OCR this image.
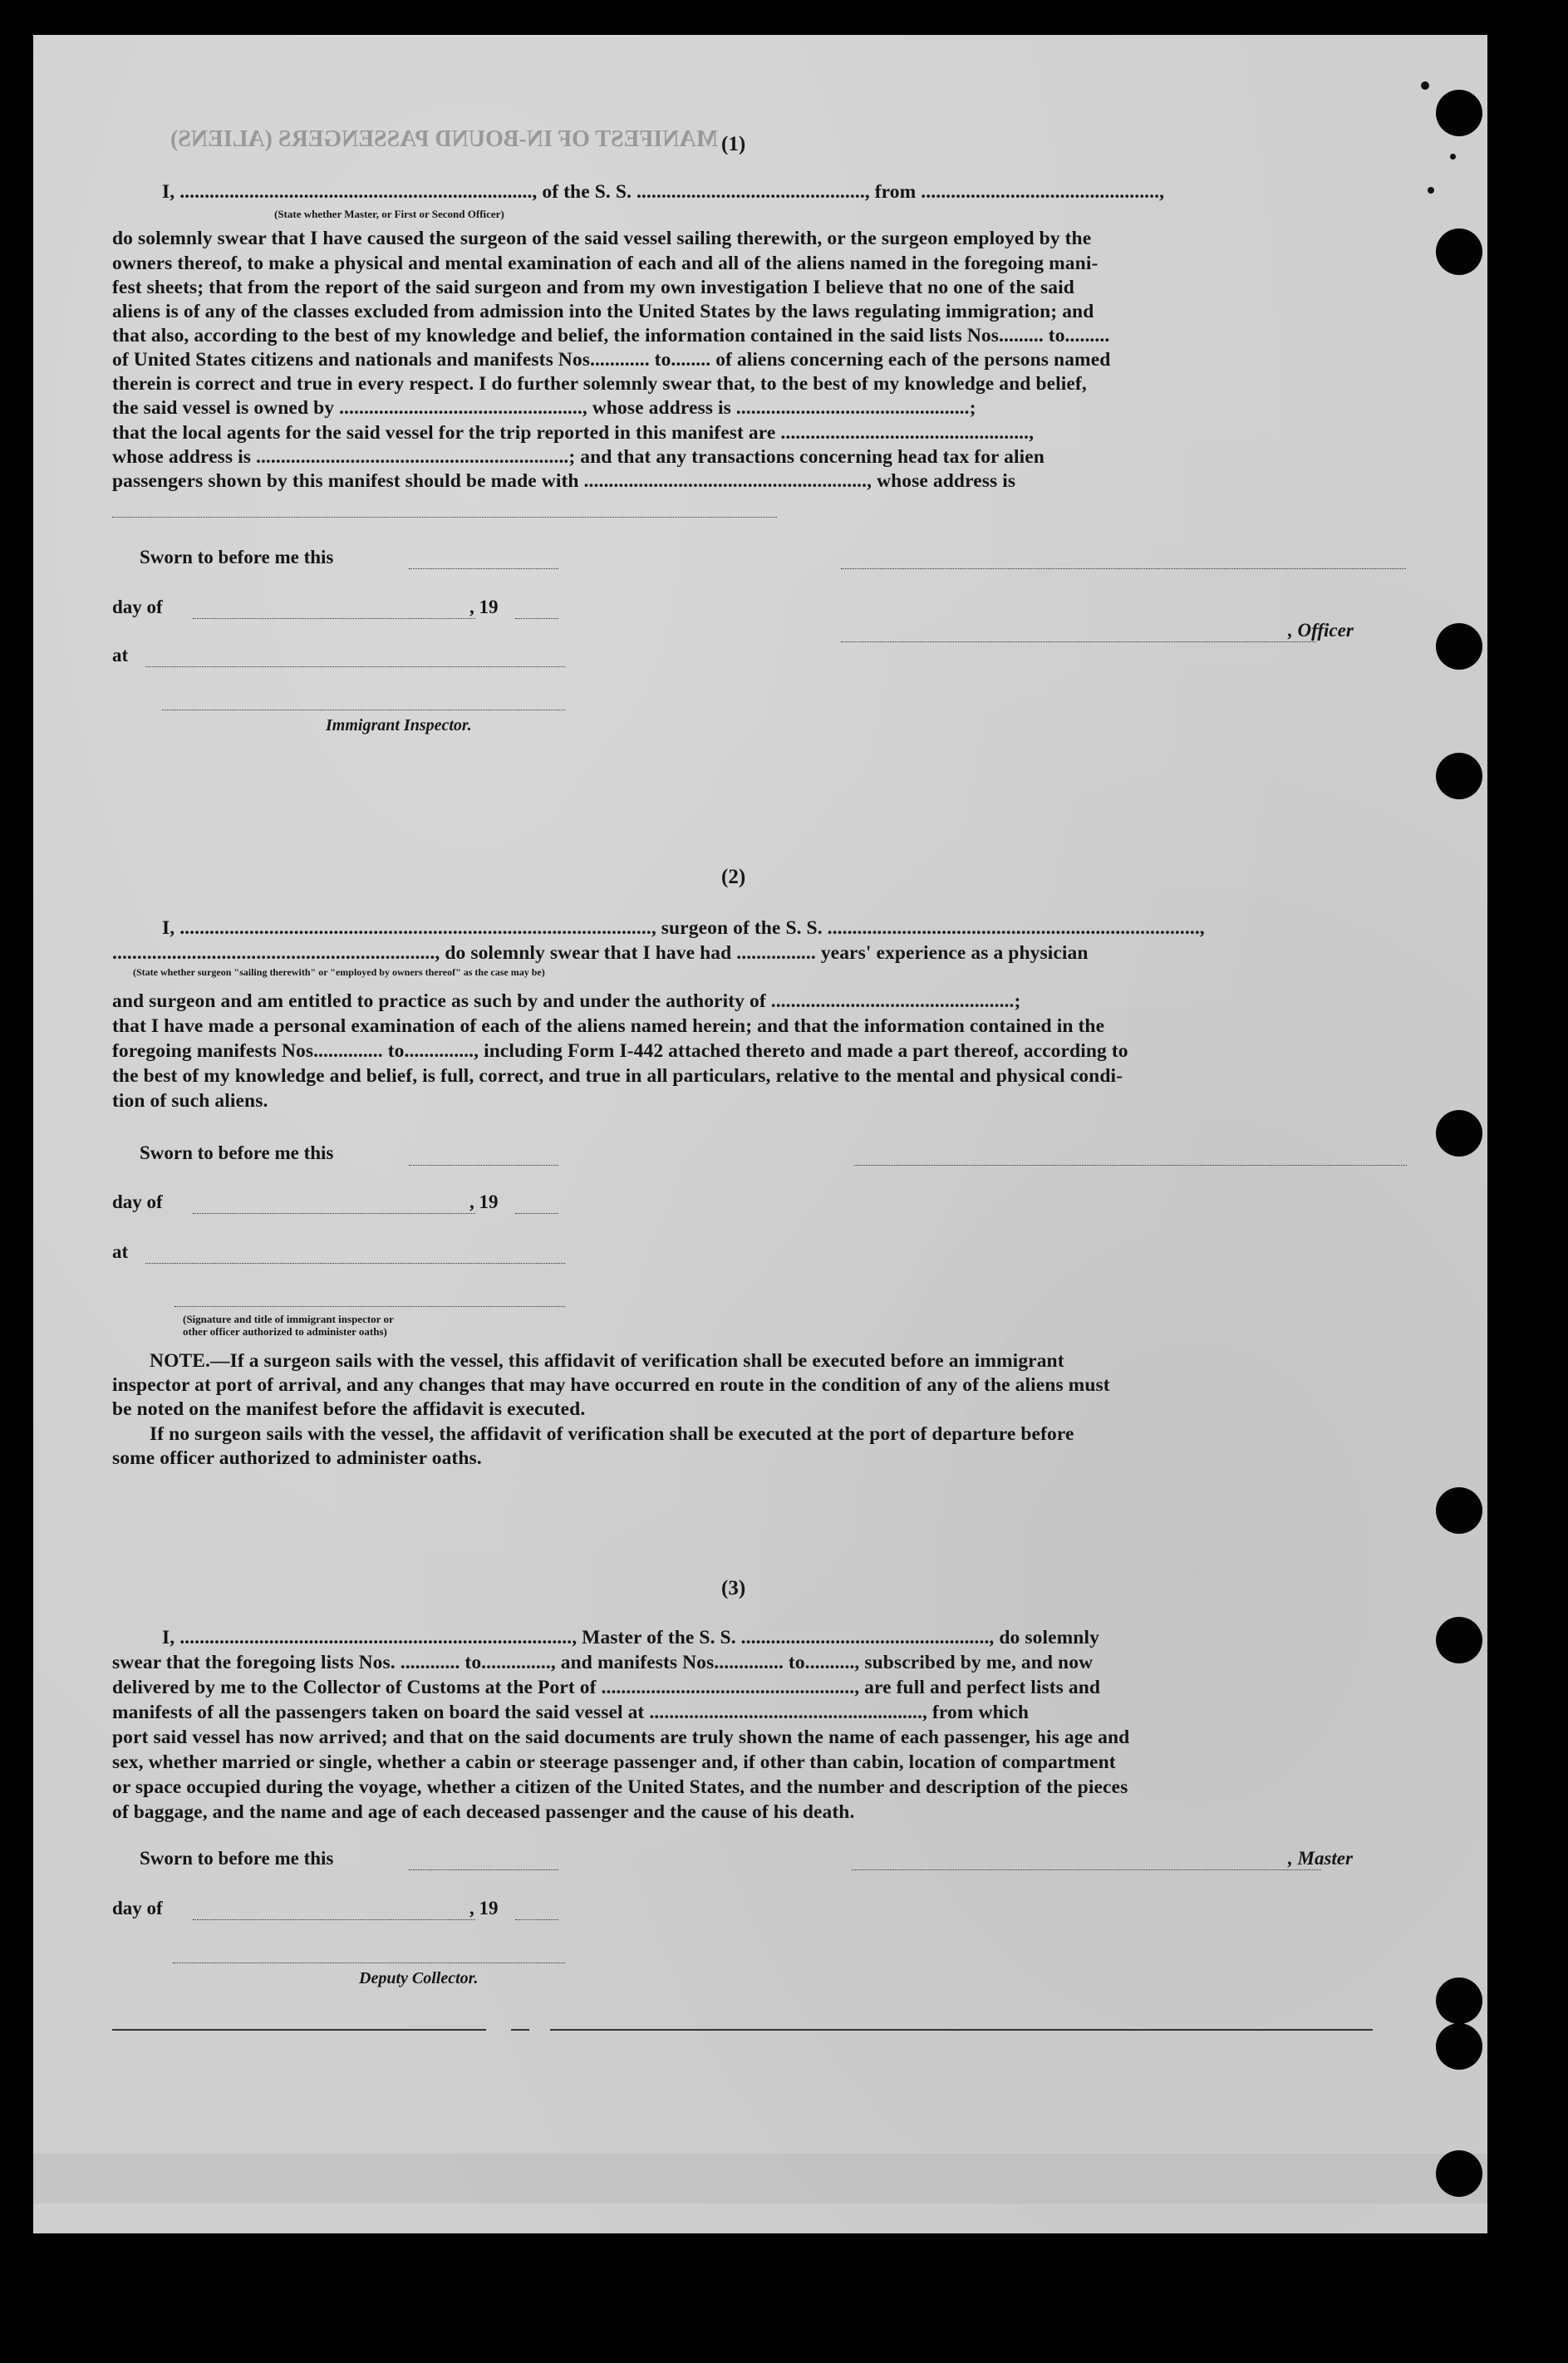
MANIFEST OF IN-BOUND PASSENGERS (ALIENS) (1)
I, ......................................................................., of the S. S. .............................................., from ................................................,
(State whether Master, or First or Second Officer)
do solemnly swear that I have caused the surgeon of the said vessel sailing therewith, or the surgeon employed by the
owners thereof, to make a physical and mental examination of each and all of the aliens named in the foregoing mani-
fest sheets; that from the report of the said surgeon and from my own investigation I believe that no one of the said
aliens is of any of the classes excluded from admission into the United States by the laws regulating immigration; and
that also, according to the best of my knowledge and belief, the information contained in the said lists Nos......... to.........
of United States citizens and nationals and manifests Nos............ to........ of aliens concerning each of the persons named
therein is correct and true in every respect. I do further solemnly swear that, to the best of my knowledge and belief,
the said vessel is owned by ................................................., whose address is ...............................................;
that the local agents for the said vessel for the trip reported in this manifest are ..................................................,
whose address is ...............................................................; and that any transactions concerning head tax for alien
passengers shown by this manifest should be made with ........................................................., whose address is
Sworn to before me this
day of	, 19
, Officer
at
Immigrant Inspector.
(2)
I, ..............................................................................................., surgeon of the S. S. ...........................................................................,
................................................................., do solemnly swear that I have had ................ years' experience as a physician
(State whether surgeon "sailing therewith" or "employed by owners thereof" as the case may be)
and surgeon and am entitled to practice as such by and under the authority of .................................................;
that I have made a personal examination of each of the aliens named herein; and that the information contained in the
foregoing manifests Nos.............. to.............., including Form I-442 attached thereto and made a part thereof, according to
the best of my knowledge and belief, is full, correct, and true in all particulars, relative to the mental and physical condi-
tion of such aliens.
Sworn to before me this
day of	, 19
at
(Signature and title of immigrant inspector or
other officer authorized to administer oaths)
NOTE.—If a surgeon sails with the vessel, this affidavit of verification shall be executed before an immigrant
inspector at port of arrival, and any changes that may have occurred en route in the condition of any of the aliens must
be noted on the manifest before the affidavit is executed.
If no surgeon sails with the vessel, the affidavit of verification shall be executed at the port of departure before
some officer authorized to administer oaths.
(3)
I, ..............................................................................., Master of the S. S. .................................................., do solemnly
swear that the foregoing lists Nos. ............ to.............., and manifests Nos.............. to.........., subscribed by me, and now
delivered by me to the Collector of Customs at the Port of ..................................................., are full and perfect lists and
manifests of all the passengers taken on board the said vessel at ......................................................., from which
port said vessel has now arrived; and that on the said documents are truly shown the name of each passenger, his age and
sex, whether married or single, whether a cabin or steerage passenger and, if other than cabin, location of compartment
or space occupied during the voyage, whether a citizen of the United States, and the number and description of the pieces
of baggage, and the name and age of each deceased passenger and the cause of his death.
Sworn to before me this	, Master
day of	, 19
Deputy Collector.
